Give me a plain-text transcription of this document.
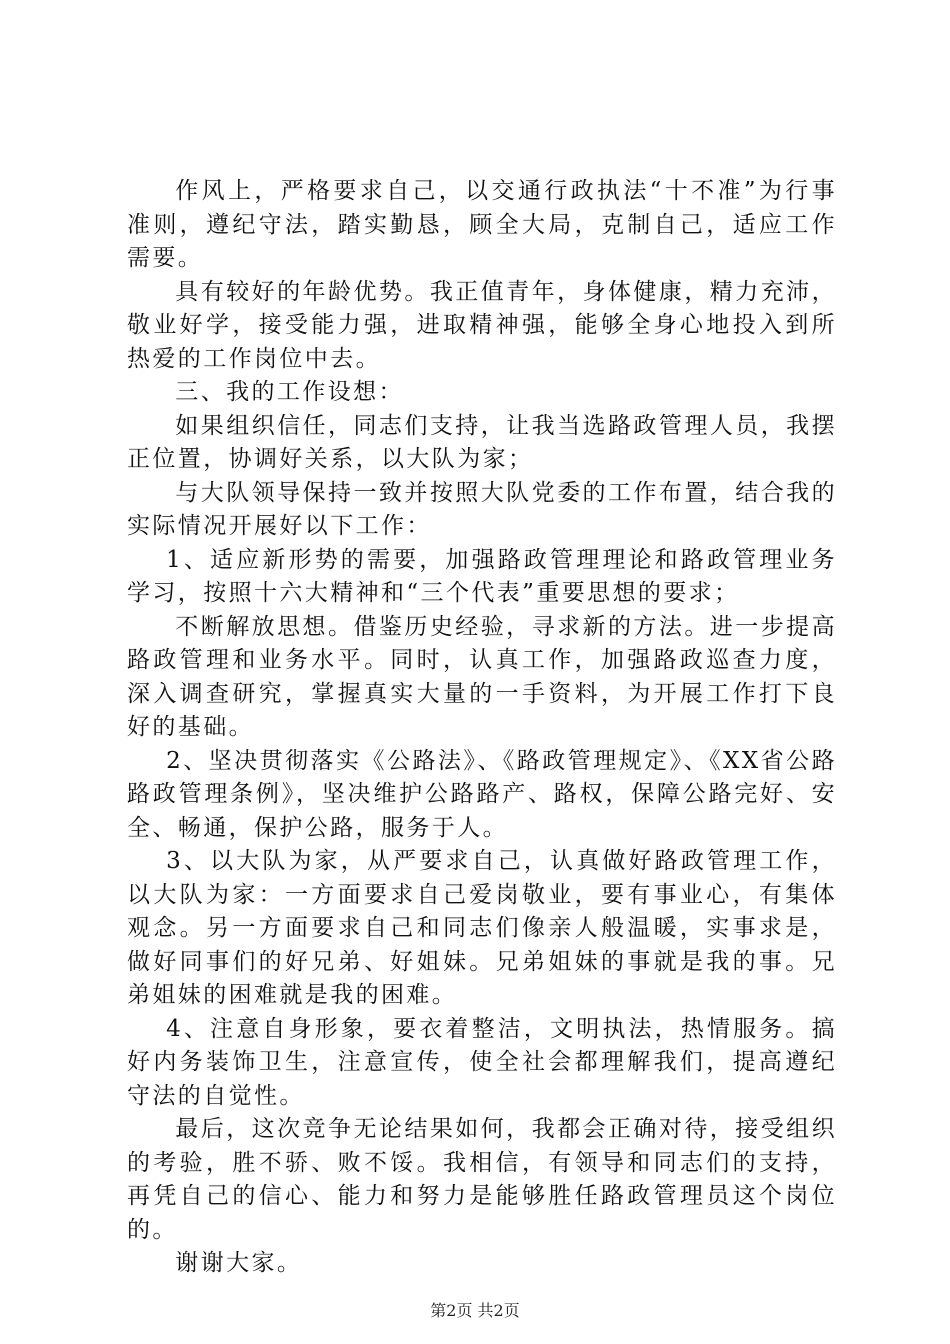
作风上，严格要求自己，以交通行政执法“十不准”为行事准则，遵纪守法，踏实勤恳，顾全大局，克制自己，适应工作需要。

具有较好的年龄优势。我正值青年，身体健康，精力充沛，敬业好学，接受能力强，进取精神强，能够全身心地投入到所热爱的工作岗位中去。

三、我的工作设想：

如果组织信任，同志们支持，让我当选路政管理人员，我摆正位置，协调好关系，以大队为家；

与大队领导保持一致并按照大队党委的工作布置，结合我的实际情况开展好以下工作：

1、适应新形势的需要，加强路政管理理论和路政管理业务学习，按照十六大精神和“三个代表”重要思想的要求；

不断解放思想。借鉴历史经验，寻求新的方法。进一步提高路政管理和业务水平。同时，认真工作，加强路政巡查力度，深入调查研究，掌握真实大量的一手资料，为开展工作打下良好的基础。

2、坚决贯彻落实《公路法》、《路政管理规定》、《XX省公路路政管理条例》，坚决维护公路路产、路权，保障公路完好、安全、畅通，保护公路，服务于人。

3、以大队为家，从严要求自己，认真做好路政管理工作，以大队为家：一方面要求自己爱岗敬业，要有事业心，有集体观念。另一方面要求自己和同志们像亲人般温暖，实事求是，做好同事们的好兄弟、好姐妹。兄弟姐妹的事就是我的事。兄弟姐妹的困难就是我的困难。

4、注意自身形象，要衣着整洁，文明执法，热情服务。搞好内务装饰卫生，注意宣传，使全社会都理解我们，提高遵纪守法的自觉性。

最后，这次竞争无论结果如何，我都会正确对待，接受组织的考验，胜不骄、败不馁。我相信，有领导和同志们的支持，再凭自己的信心、能力和努力是能够胜任路政管理员这个岗位的。

谢谢大家。

第2页 共2页
